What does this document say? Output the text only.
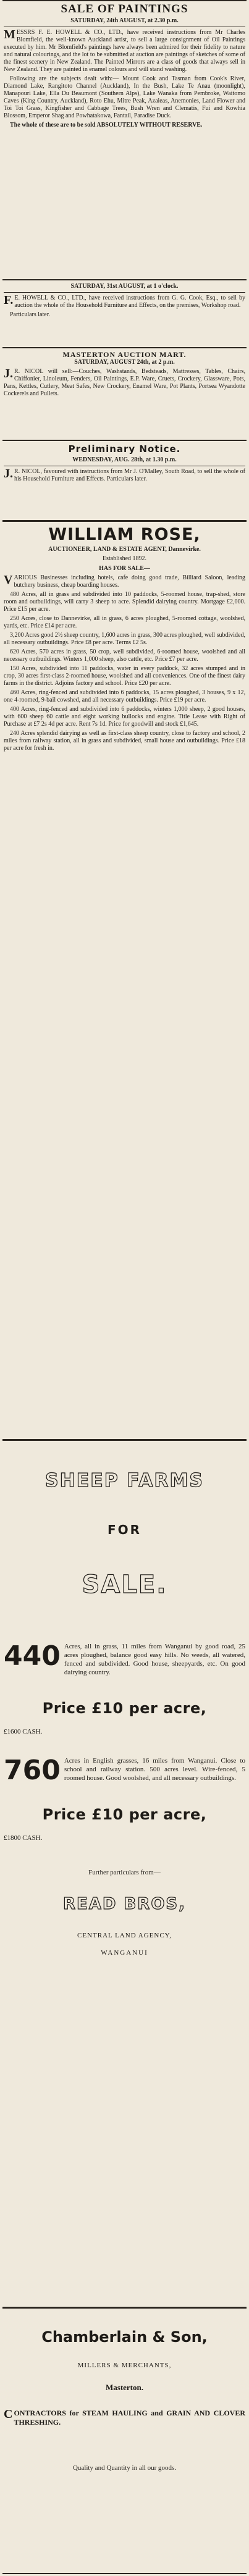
SALE OF PAINTINGS
SATURDAY, 24th AUGUST, at 2.30 p.m.
MESSRS F. E. HOWELL & CO., LTD., have received instructions from Mr Charles Blomfield, the well-known Auckland artist, to sell a large consignment of Oil Paintings executed by him. Mr Blomfield's paintings have always been admired for their fidelity to nature and natural colourings, and the lot to be submitted at auction are paintings of sketches of some of the finest scenery in New Zealand. The Painted Mirrors are a class of goods that always sell in New Zealand. They are painted in enamel colours and will stand washing.
Following are the subjects dealt with:— Mount Cook and Tasman from Cook's River, Diamond Lake, Rangitoto Channel (Auckland), In the Bush, Lake Te Anau (moonlight), Manapouri Lake, Ella Du Beaumont (Southern Alps), Lake Wanaka from Pembroke, Waitomo Caves (King Country, Auckland), Roto Ehu, Mitre Peak, Azaleas, Anemonies, Land Flower and Toi Toi Grass, Kingfisher and Cabbage Trees, Bush Wren and Clematis, Fui and Kowhia Blossom, Emperor Shag and Powhatakowa, Fantail, Paradise Duck.
The whole of these are to be sold ABSOLUTELY WITHOUT RESERVE.
SATURDAY, 31st AUGUST, at 1 o'clock.
F.E. HOWELL & CO., LTD., have received instructions from G. G. Cook, Esq., to sell by auction the whole of the Household Furniture and Effects, on the premises, Workshop road.
Particulars later.
MASTERTON AUCTION MART.
SATURDAY, AUGUST 24th, at 2 p.m.
J.R. NICOL will sell:—Couches, Washstands, Bedsteads, Mattresses, Tables, Chairs, Chiffonier, Linoleum, Fenders, Oil Paintings, E.P. Ware, Cruets, Crockery, Glassware, Pots, Pans, Kettles, Cutlery, Meat Safes, New Crockery, Enamel Ware, Pot Plants, Portsea Wyandotte Cockerels and Pullets.
Preliminary Notice.
WEDNESDAY, AUG. 28th, at 1.30 p.m.
J.R. NICOL, favoured with instructions from Mr J. O'Malley, South Road, to sell the whole of his Household Furniture and Effects. Particulars later.
WILLIAM ROSE,
AUCTIONEER, LAND & ESTATE AGENT, Dannevirke.
Established 1892.
HAS FOR SALE—
VARIOUS Businesses including hotels, cafe doing good trade, Billiard Saloon, leading butchery business, cheap boarding houses.
480 Acres, all in grass and subdivided into 10 paddocks, 5-roomed house, trap-shed, store room and outbuildings, will carry 3 sheep to acre. Splendid dairying country. Mortgage £2,000. Price £15 per acre.
250 Acres, close to Dannevirke, all in grass, 6 acres ploughed, 5-roomed cottage, woolshed, yards, etc. Price £14 per acre.
3,200 Acres good 2½ sheep country, 1,600 acres in grass, 300 acres ploughed, well subdivided, all necessary outbuildings. Price £8 per acre. Terms £2 5s.
620 Acres, 570 acres in grass, 50 crop, well subdivided, 6-roomed house, woolshed and all necessary outbuildings. Winters 1,000 sheep, also cattle, etc. Price £7 per acre.
150 Acres, subdivided into 11 paddocks, water in every paddock, 32 acres stumped and in crop, 30 acres first-class 2-roomed house, woolshed and all conveniences. One of the finest dairy farms in the district. Adjoins factory and school. Price £20 per acre.
460 Acres, ring-fenced and subdivided into 6 paddocks, 15 acres ploughed, 3 houses, 9 x 12, one 4-roomed, 9-bail cowshed, and all necessary outbuildings. Price £19 per acre.
400 Acres, ring-fenced and subdivided into 6 paddocks, winters 1,000 sheep, 2 good houses, with 600 sheep 60 cattle and eight working bullocks and engine. Title Lease with Right of Purchase at £7 2s 4d per acre. Rent 7s 1d. Price for goodwill and stock £1,645.
240 Acres splendid dairying as well as first-class sheep country, close to factory and school, 2 miles from railway station, all in grass and subdivided, small house and outbuildings. Price £18 per acre for fresh in.
SHEEP FARMS
FOR
SALE.
440 Acres, all in grass, 11 miles from Wanganui by good road, 25 acres ploughed, balance good easy hills. No weeds, all watered, fenced and subdivided. Good house, sheepyards, etc. On good dairying country.
Price £10 per acre,
£1600 CASH.
760 Acres in English grasses, 16 miles from Wanganui. Close to school and railway station. 500 acres level. Wire-fenced, 5 roomed house. Good woolshed, and all necessary outbuildings.
Price £10 per acre,
£1800 CASH.
Further particulars from—
READ BROS,
CENTRAL LAND AGENCY,
WANGANUI
Chamberlain & Son,
MILLERS & MERCHANTS,
Masterton.
CONTRACTORS for STEAM HAULING and GRAIN AND CLOVER THRESHING.
Quality and Quantity in all our goods.
